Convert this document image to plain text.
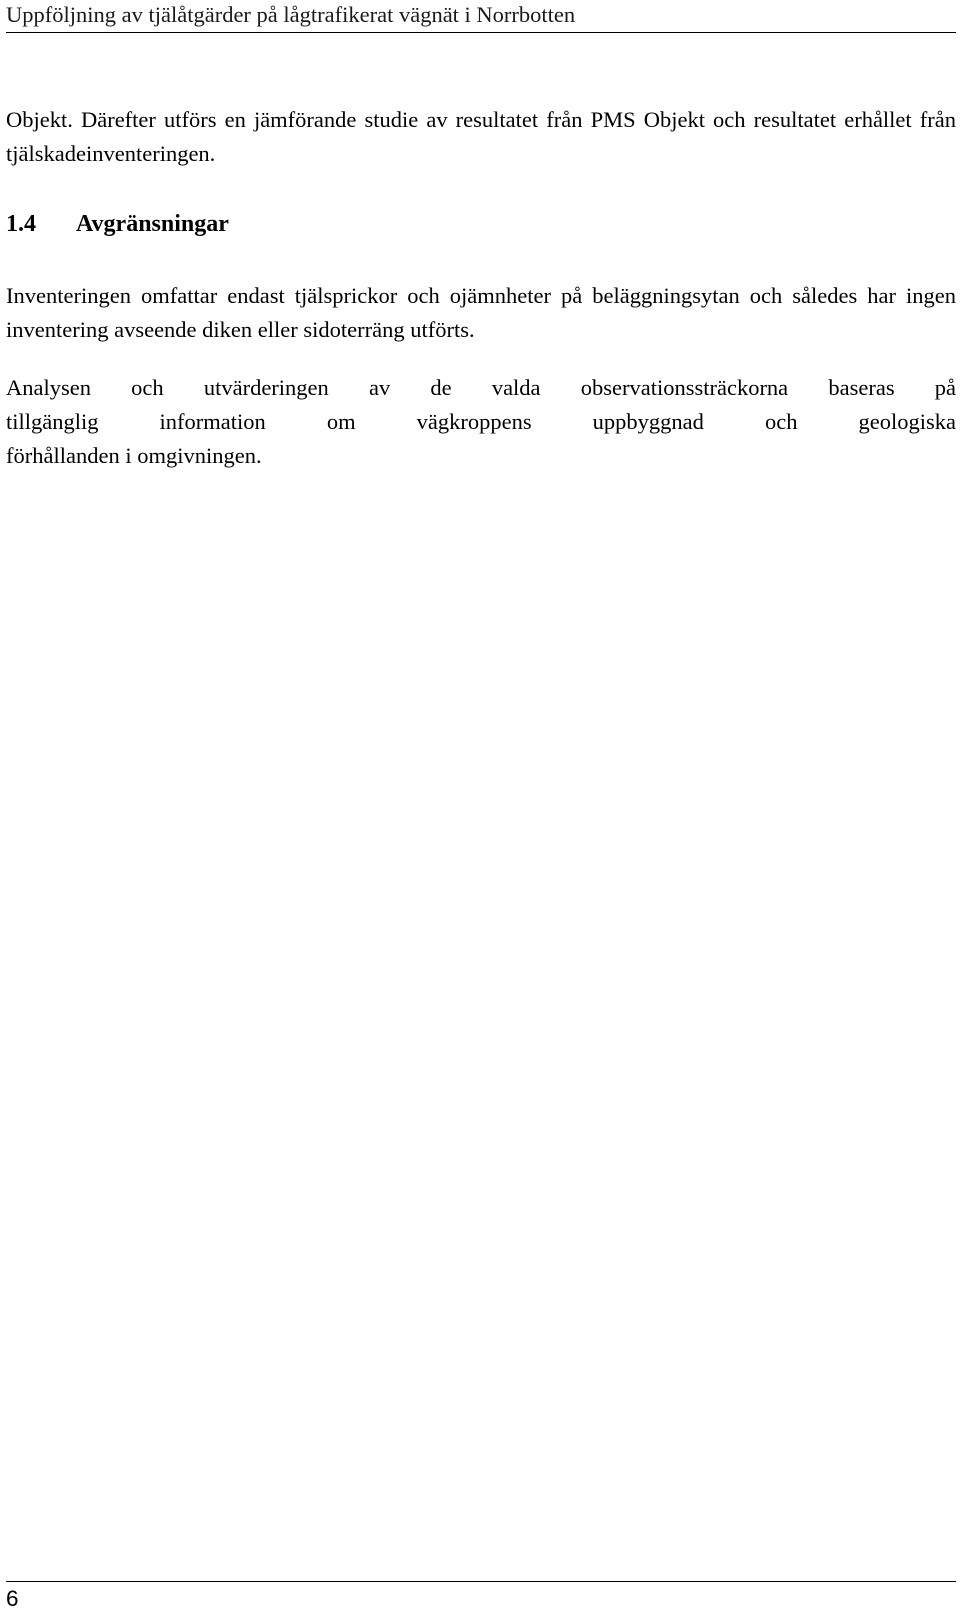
Uppföljning av tjälåtgärder på lågtrafikerat vägnät i Norrbotten

Objekt. Därefter utförs en jämförande studie av resultatet från PMS Objekt och resultatet erhållet från tjälskadeinventeringen.

1.4	Avgränsningar

Inventeringen omfattar endast tjälsprickor och ojämnheter på beläggningsytan och således har ingen inventering avseende diken eller sidoterräng utförts.

Analysen och utvärderingen av de valda observationssträckorna baseras på
tillgänglig information om vägkroppens uppbyggnad och geologiska
förhållanden i omgivningen.

6
